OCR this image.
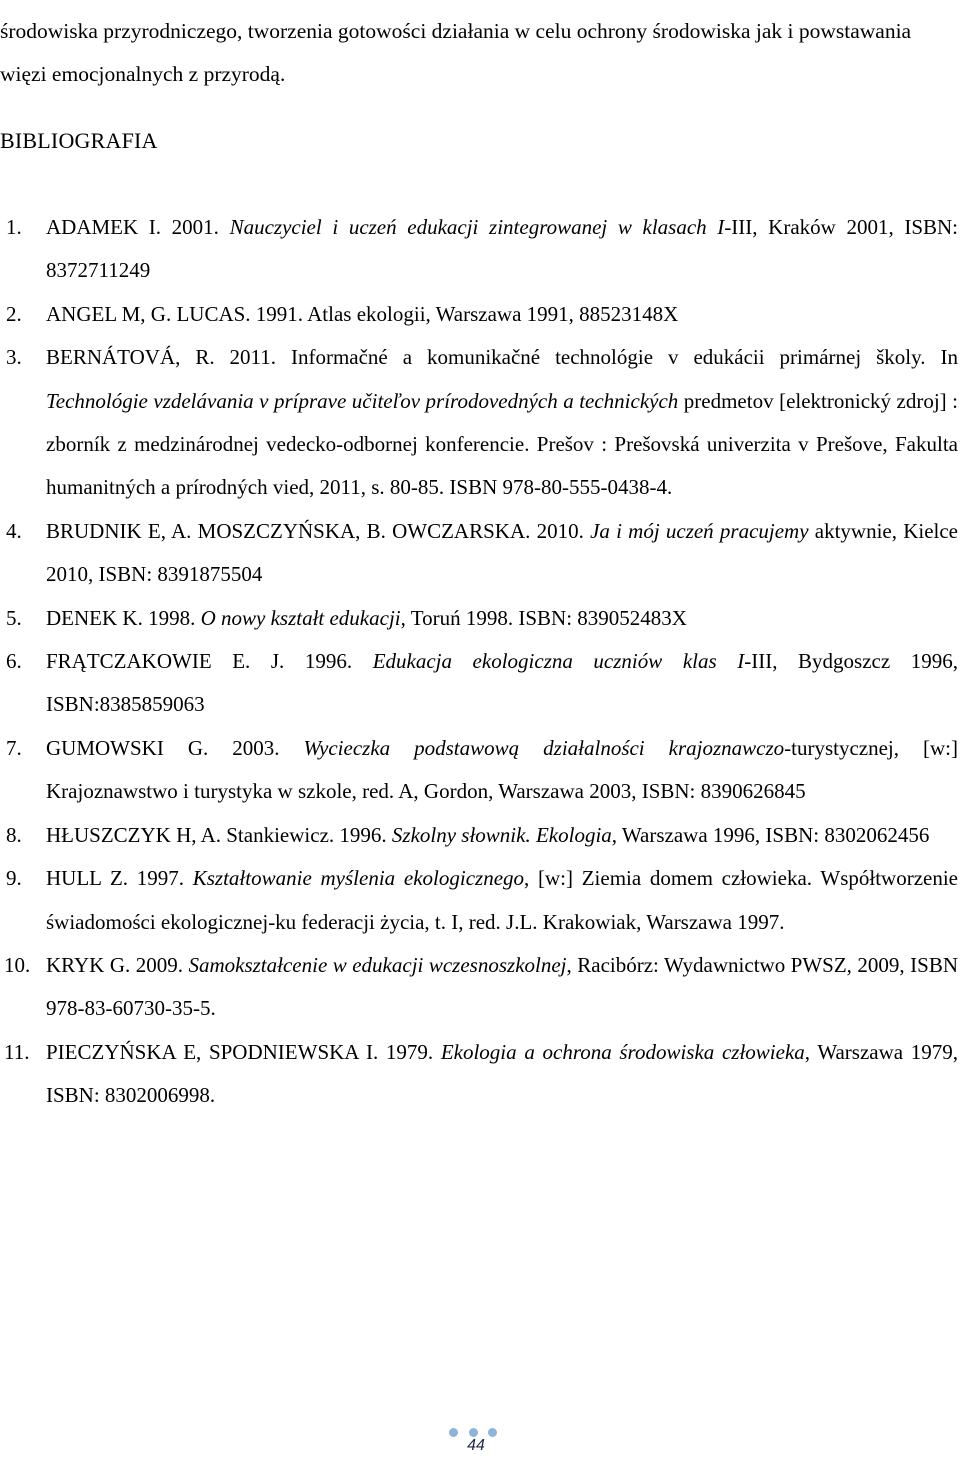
środowiska przyrodniczego, tworzenia gotowości działania w celu ochrony środowiska jak i powstawania więzi emocjonalnych z przyrodą.
BIBLIOGRAFIA
1. ADAMEK I. 2001. Nauczyciel i uczeń edukacji zintegrowanej w klasach I-III, Kraków 2001, ISBN: 8372711249
2. ANGEL M, G. LUCAS. 1991. Atlas ekologii, Warszawa 1991, 88523148X
3. BERNÁTOVÁ, R. 2011. Informačné a komunikačné technológie v edukácii primárnej školy. In Technológie vzdelávania v príprave učiteľov prírodovedných a technických predmetov [elektronický zdroj] : zborník z medzinárodnej vedecko-odbornej konferencie. Prešov : Prešovská univerzita v Prešove, Fakulta humanitných a prírodných vied, 2011, s. 80-85. ISBN 978-80-555-0438-4.
4. BRUDNIK E, A. MOSZCZYŃSKA, B. OWCZARSKA. 2010. Ja i mój uczeń pracujemy aktywnie, Kielce 2010, ISBN: 8391875504
5. DENEK K. 1998. O nowy kształt edukacji, Toruń 1998. ISBN: 839052483X
6. FRĄTCZAKOWIE E. J. 1996. Edukacja ekologiczna uczniów klas I-III, Bydgoszcz 1996, ISBN:8385859063
7. GUMOWSKI G. 2003. Wycieczka podstawową działalności krajoznawczo-turystycznej, [w:] Krajoznawstwo i turystyka w szkole, red. A, Gordon, Warszawa 2003, ISBN: 8390626845
8. HŁUSZCZYK H, A. Stankiewicz. 1996. Szkolny słownik. Ekologia, Warszawa 1996, ISBN: 8302062456
9. HULL Z. 1997. Kształtowanie myślenia ekologicznego, [w:] Ziemia domem człowieka. Współtworzenie świadomości ekologicznej-ku federacji życia, t. I, red. J.L. Krakowiak, Warszawa 1997.
10. KRYK G. 2009. Samokształcenie w edukacji wczesnoszkolnej, Racibórz: Wydawnictwo PWSZ, 2009, ISBN 978-83-60730-35-5.
11. PIECZYŃSKA E, SPODNIEWSKA I. 1979. Ekologia a ochrona środowiska człowieka, Warszawa 1979, ISBN: 8302006998.
44
